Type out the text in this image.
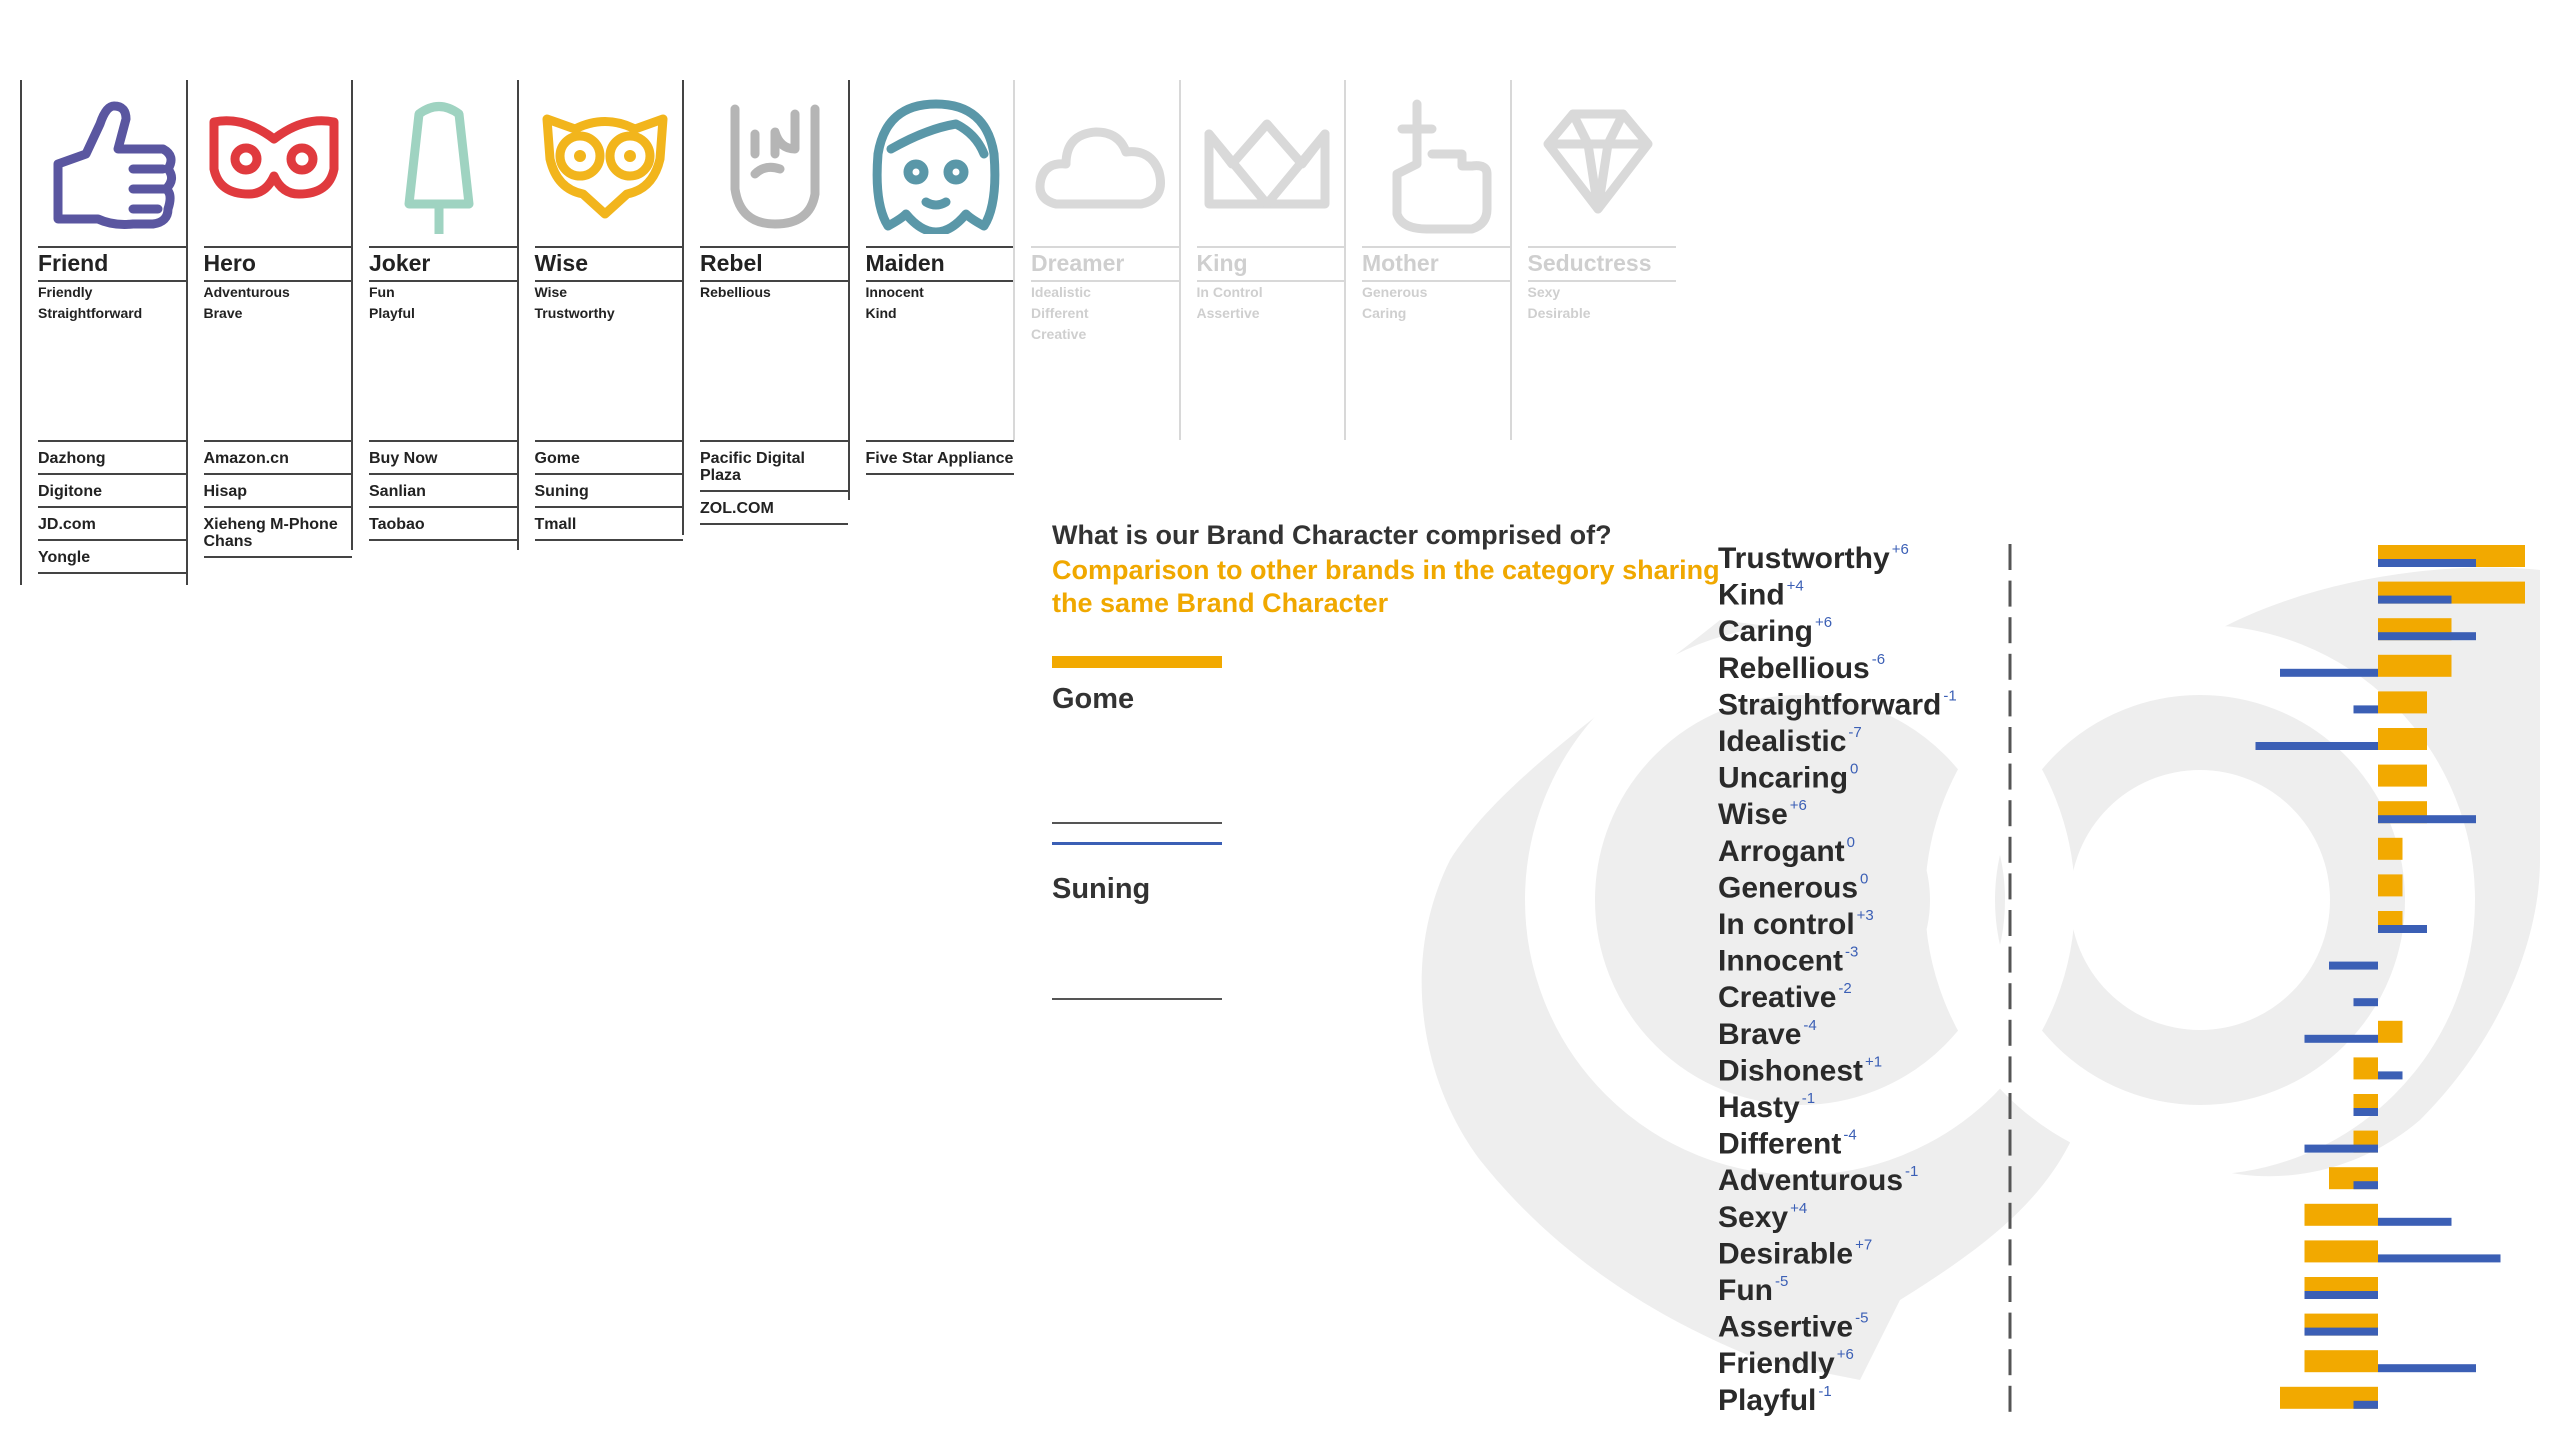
Friend
Friendly
Straightforward
Dazhong
Digitone
JD.com
Yongle
Hero
Adventurous
Brave
Amazon.cn
Hisap
Xieheng M-Phone Chans
Joker
Fun
Playful
Buy Now
Sanlian
Taobao
Wise
Wise
Trustworthy
Gome
Suning
Tmall
Rebel
Rebellious
Pacific Digital Plaza
ZOL.COM
Maiden
Innocent
Kind
Five Star Appliance
Dreamer
Idealistic
Different
Creative
King
In Control
Assertive
Mother
Generous
Caring
Seductress
Sexy
Desirable
What is our Brand Character comprised of?
Comparison to other brands in the category sharing the same Brand Character
Gome
Suning
Trustworthy +6
Kind +4
Caring +6
Rebellious -6
Straightforward -1
Idealistic -7
Uncaring 0
Wise +6
Arrogant 0
Generous 0
In control +3
Innocent -3
Creative -2
Brave -4
Dishonest +1
Hasty -1
Different -4
Adventurous -1
Sexy +4
Desirable +7
Fun -5
Assertive -5
Friendly +6
Playful -1
